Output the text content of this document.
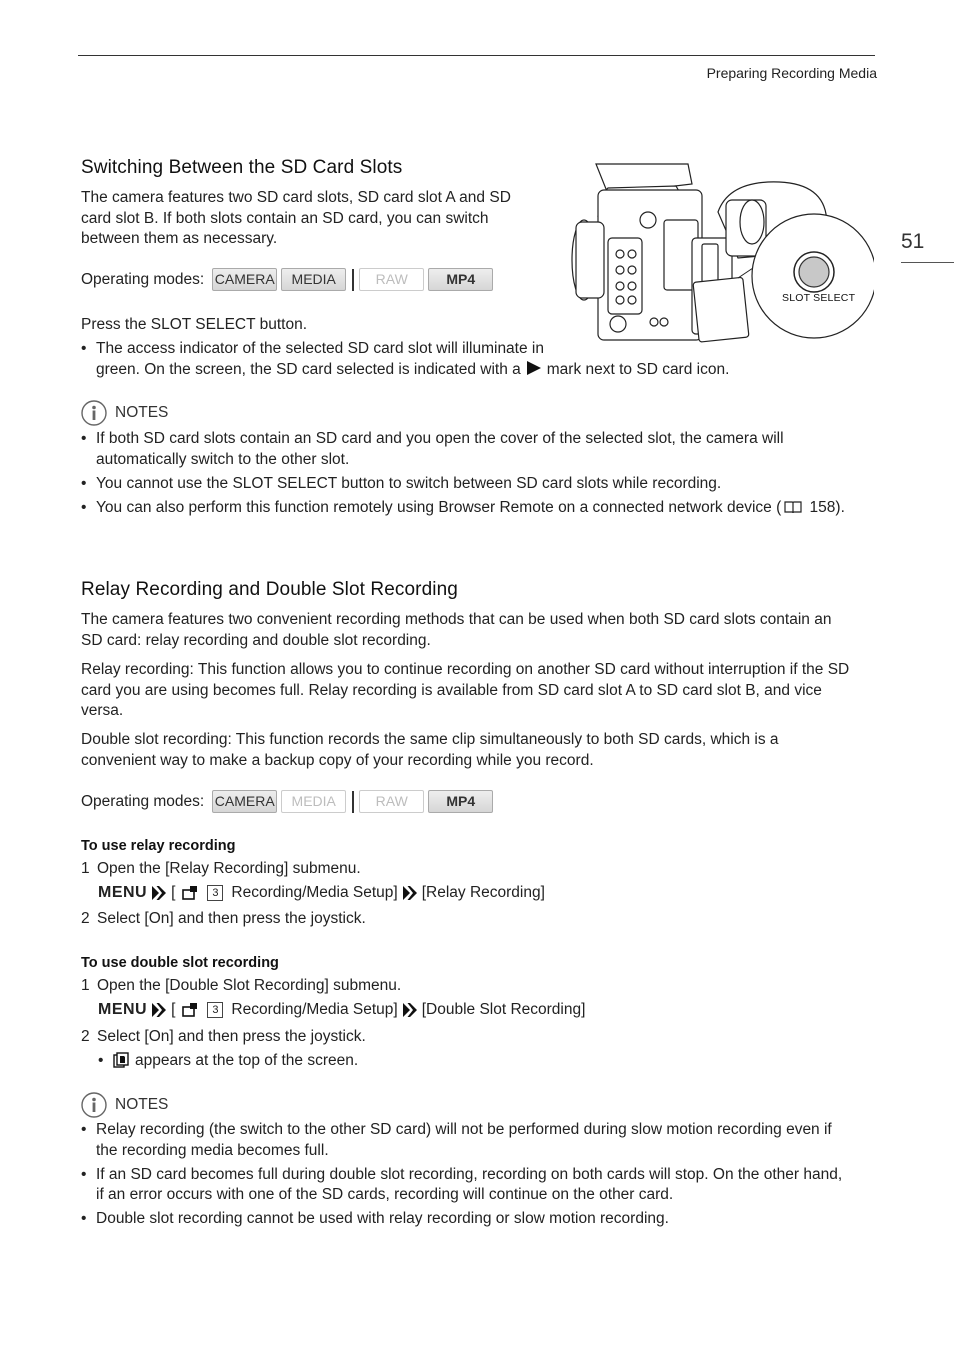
Preparing Recording Media
51
Switching Between the SD Card Slots

The camera features two SD card slots, SD card slot A and SD
card slot B. If both slots contain an SD card, you can switch
between them as necessary.

Operating modes: CAMERA	MEDIA	RAW	MP4
SLOT SELECT

Press the SLOT SELECT button.

• The access indicator of the selected SD card slot will illuminate in
green. On the screen, the SD card selected is indicated with a mark next to SD card icon.
NOTES
• If both SD card slots contain an SD card and you open the cover of the selected slot, the camera will
automatically switch to the other slot.
• You cannot use the SLOT SELECT button to switch between SD card slots while recording.
• You can also perform this function remotely using Browser Remote on a connected network device ( 158).
Relay Recording and Double Slot Recording

The camera features two convenient recording methods that can be used when both SD card slots contain an
SD card: relay recording and double slot recording.

Relay recording: This function allows you to continue recording on another SD card without interruption if the SD
card you are using becomes full. Relay recording is available from SD card slot A to SD card slot B, and vice
versa.

Double slot recording: This function records the same clip simultaneously to both SD cards, which is a
convenient way to make a backup copy of your recording while you record.

Operating modes: CAMERA	MEDIA	RAW	MP4
To use relay recording
1 Open the [Relay Recording] submenu.
MENU [	3 Recording/Media Setup] [Relay Recording]
2 Select [On] and then press the joystick.
To use double slot recording
1 Open the [Double Slot Recording] submenu.
MENU [	3 Recording/Media Setup] [Double Slot Recording]
2 Select [On] and then press the joystick.
• appears at the top of the screen.
NOTES
• Relay recording (the switch to the other SD card) will not be performed during slow motion recording even if
the recording media becomes full.
• If an SD card becomes full during double slot recording, recording on both cards will stop. On the other hand,
if an error occurs with one of the SD cards, recording will continue on the other card.
• Double slot recording cannot be used with relay recording or slow motion recording.
